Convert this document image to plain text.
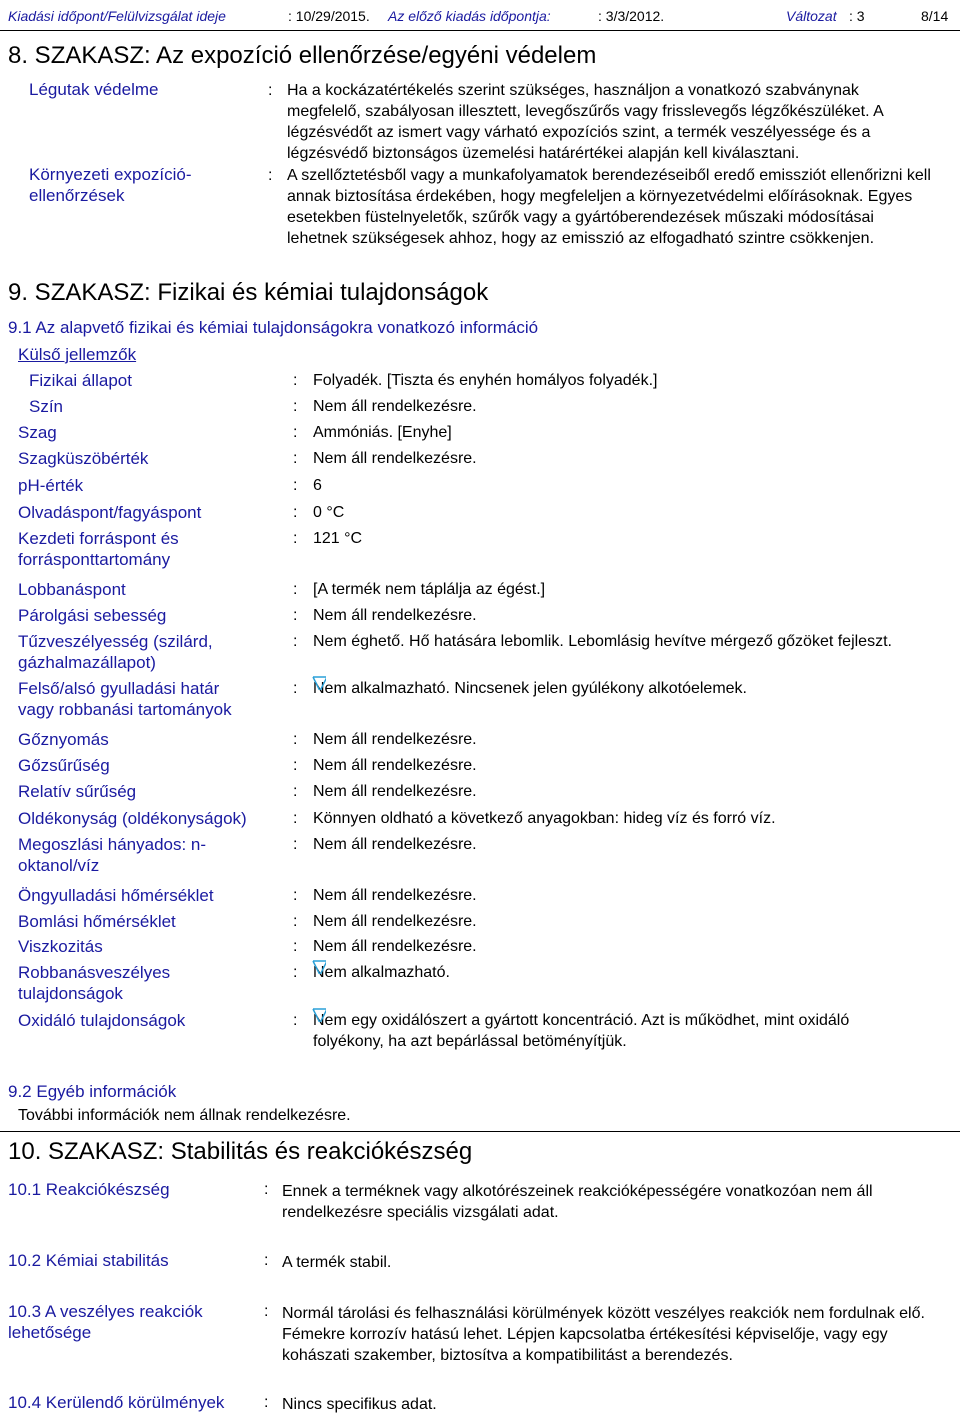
Kiadási időpont/Felülvizsgálat ideje	: 10/29/2015. Az előző kiadás időpontja:	: 3/3/2012.	Változat : 3	8/14
8. SZAKASZ: Az expozíció ellenőrzése/egyéni védelem
Légutak védelme	: Ha a kockázatértékelés szerint szükséges, használjon a vonatkozó szabványnak megfelelő, szabályosan illesztett, levegőszűrős vagy frisslevegős légzőkészüléket. A légzésvédőt az ismert vagy várható expozíciós szint, a termék veszélyessége és a légzésvédő biztonságos üzemelési határértékei alapján kell kiválasztani.
Környezeti expozíció-
ellenőrzések
: A szellőztetésből vagy a munkafolyamatok berendezéseiből eredő emissziót ellenőrizni kell annak biztosítása érdekében, hogy megfeleljen a környezetvédelmi előírásoknak. Egyes esetekben füstelnyeletők, szűrők vagy a gyártóberendezések műszaki módosításai lehetnek szükségesek ahhoz, hogy az emisszió az elfogadható szintre csökkenjen.
9. SZAKASZ: Fizikai és kémiai tulajdonságok
9.1 Az alapvető fizikai és kémiai tulajdonságokra vonatkozó információ
Külső jellemzők
Fizikai állapot	: Folyadék. [Tiszta és enyhén homályos folyadék.]
Szín	: Nem áll rendelkezésre.
Szag	: Ammóniás. [Enyhe]
Szagküszöbérték	: Nem áll rendelkezésre.
pH-érték	: 6
Olvadáspont/fagyáspont	: 0 °C
Kezdeti forráspont és
forrásponttartomány
: 121 °C
Lobbanáspont	: [A termék nem táplálja az égést.]
Párolgási sebesség	: Nem áll rendelkezésre.
Tűzveszélyesség (szilárd,
gázhalmazállapot)
: Nem éghető. Hő hatására lebomlik. Lebomlásig hevítve mérgező gőzöket fejleszt.
Felső/alsó gyulladási határ
vagy robbanási tartományok
: Nem alkalmazható. Nincsenek jelen gyúlékony alkotóelemek.
Gőznyomás	: Nem áll rendelkezésre.
Gőzsűrűség	: Nem áll rendelkezésre.
Relatív sűrűség	: Nem áll rendelkezésre.
Oldékonyság (oldékonyságok)	: Könnyen oldható a következő anyagokban: hideg víz és forró víz.
Megoszlási hányados: n-
oktanol/víz
: Nem áll rendelkezésre.
Öngyulladási hőmérséklet	: Nem áll rendelkezésre.
Bomlási hőmérséklet	: Nem áll rendelkezésre.
Viszkozitás	: Nem áll rendelkezésre.
Robbanásveszélyes
tulajdonságok
: Nem alkalmazható.
Oxidáló tulajdonságok	: Nem egy oxidálószert a gyártott koncentráció. Azt is működhet, mint oxidáló
folyékony, ha azt bepárlással betöményítjük.
9.2 Egyéb információk
További információk nem állnak rendelkezésre.
10. SZAKASZ: Stabilitás és reakciókészség
10.1 Reakciókészség	: Ennek a terméknek vagy alkotórészeinek reakcióképességére vonatkozóan nem áll rendelkezésre speciális vizsgálati adat.
10.2 Kémiai stabilitás	: A termék stabil.
10.3 A veszélyes reakciók
lehetősége
: Normál tárolási és felhasználási körülmények között veszélyes reakciók nem fordulnak elő. Fémekre korrozív hatású lehet. Lépjen kapcsolatba értékesítési képviselője, vagy egy kohászati szakember, biztosítva a kompatibilitást a berendezés.
10.4 Kerülendő körülmények : Nincs specifikus adat.
